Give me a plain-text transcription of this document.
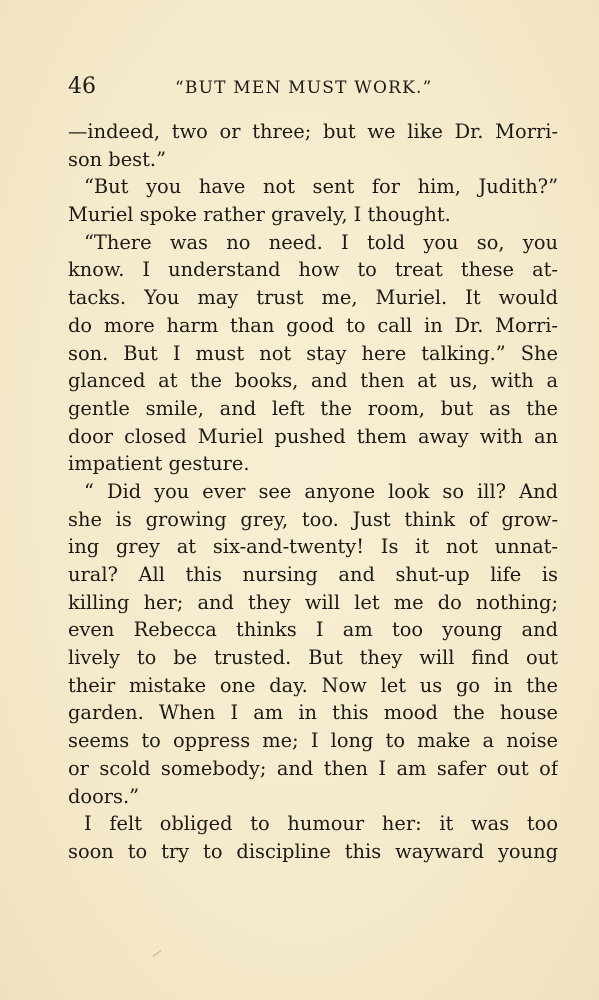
46	“BUT MEN MUST WORK.”
—indeed, two or three; but we like Dr. Morri-
son best.”
“But you have not sent for him, Judith?”
Muriel spoke rather gravely, I thought.
“There was no need. I told you so, you
know. I understand how to treat these at-
tacks. You may trust me, Muriel. It would
do more harm than good to call in Dr. Morri-
son. But I must not stay here talking.” She
glanced at the books, and then at us, with a
gentle smile, and left the room, but as the
door closed Muriel pushed them away with an
impatient gesture.
“ Did you ever see anyone look so ill? And
she is growing grey, too. Just think of grow-
ing grey at six-and-twenty! Is it not unnat-
ural? All this nursing and shut-up life is
killing her; and they will let me do nothing;
even Rebecca thinks I am too young and
lively to be trusted. But they will find out
their mistake one day. Now let us go in the
garden. When I am in this mood the house
seems to oppress me; I long to make a noise
or scold somebody; and then I am safer out of
doors.”
I felt obliged to humour her: it was too
soon to try to discipline this wayward young
